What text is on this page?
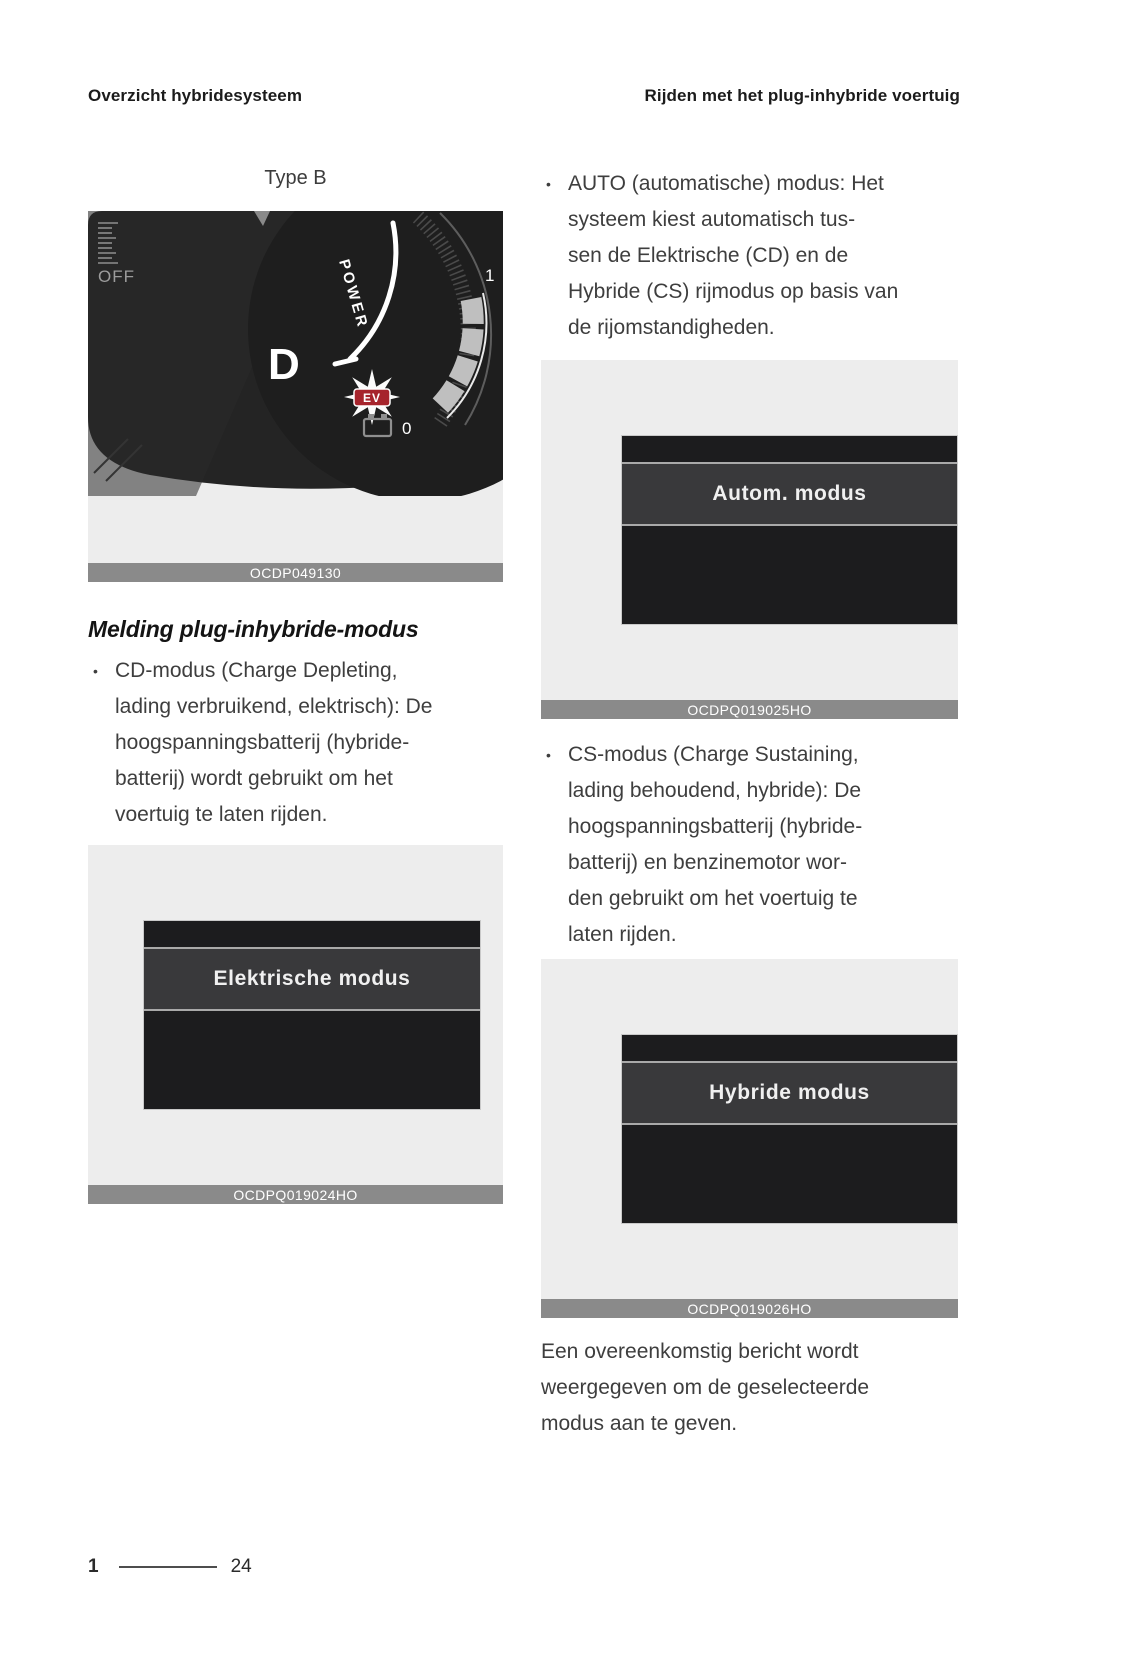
Overzicht hybridesysteem	Rijden met het plug-inhybride voertuig
Type B
OFF	POWER
D
1
0
EV
OCDP049130
Melding plug-inhybride-modus
• CD-modus (Charge Depleting,
lading verbruikend, elektrisch): De
hoogspanningsbatterij (hybride-
batterij) wordt gebruikt om het
voertuig te laten rijden.
Elektrische modus
OCDPQ019024HO
• AUTO (automatische) modus: Het
systeem kiest automatisch tus-
sen de Elektrische (CD) en de
Hybride (CS) rijmodus op basis van
de rijomstandigheden.
Autom. modus
OCDPQ019025HO
• CS-modus (Charge Sustaining,
lading behoudend, hybride): De
hoogspanningsbatterij (hybride-
batterij) en benzinemotor wor-
den gebruikt om het voertuig te
laten rijden.
Hybride modus
OCDPQ019026HO
Een overeenkomstig bericht wordt
weergegeven om de geselecteerde
modus aan te geven.
1	24
